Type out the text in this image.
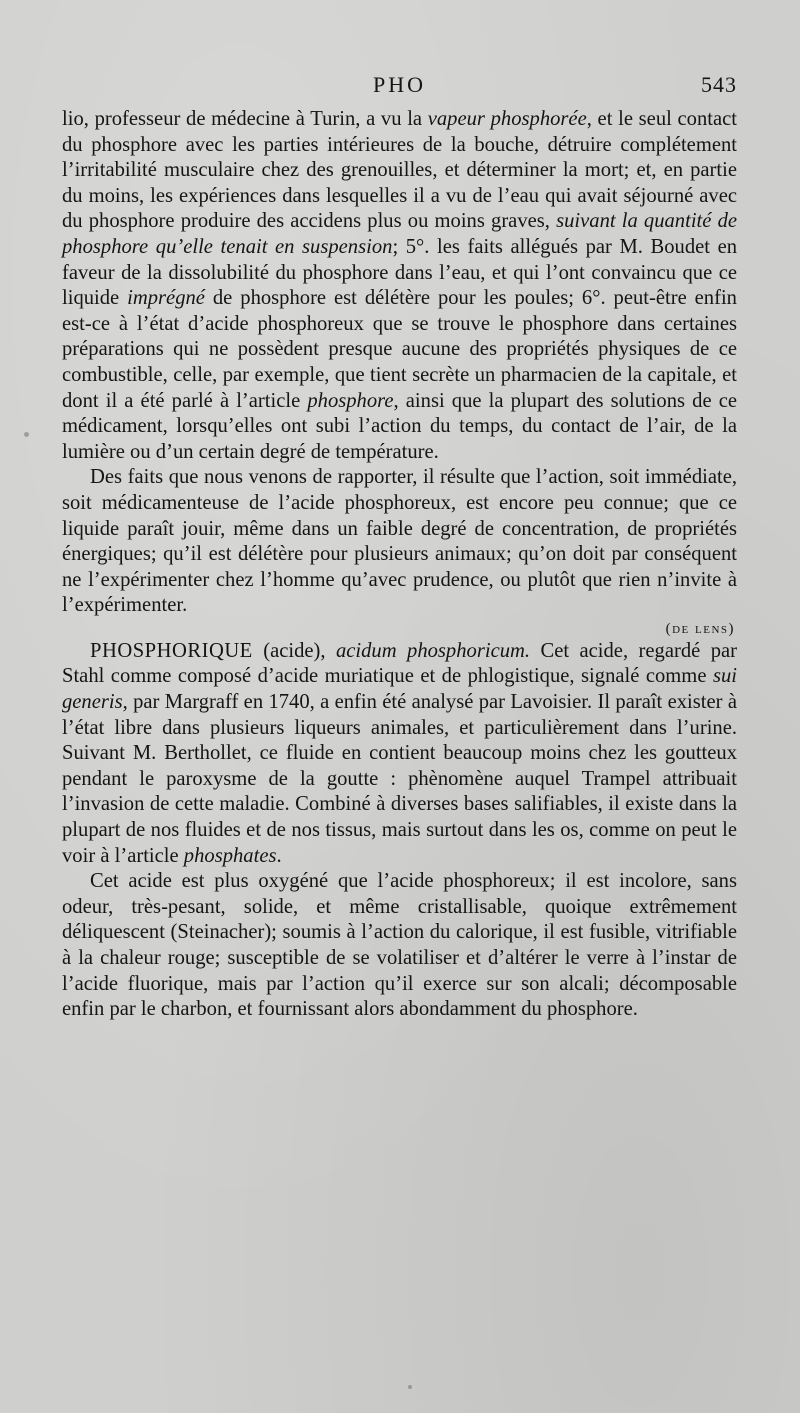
PHO	543

lio, professeur de médecine à Turin, a vu la vapeur phosphorée, et le seul contact du phosphore avec les parties intérieures de la bouche, détruire complétement l’irritabilité musculaire chez des grenouilles, et déterminer la mort; et, en partie du moins, les expériences dans lesquelles il a vu de l’eau qui avait séjourné avec du phosphore produire des accidens plus ou moins graves, suivant la quantité de phosphore qu’elle tenait en suspension; 5°. les faits allégués par M. Boudet en faveur de la dissolubilité du phosphore dans l’eau, et qui l’ont convaincu que ce liquide imprégné de phosphore est délétère pour les poules; 6°. peut-être enfin est-ce à l’état d’acide phosphoreux que se trouve le phosphore dans certaines préparations qui ne possèdent presque aucune des propriétés physiques de ce combustible, celle, par exemple, que tient secrète un pharmacien de la capitale, et dont il a été parlé à l’article phosphore, ainsi que la plupart des solutions de ce médicament, lorsqu’elles ont subi l’action du temps, du contact de l’air, de la lumière ou d’un certain degré de température.

Des faits que nous venons de rapporter, il résulte que l’action, soit immédiate, soit médicamenteuse de l’acide phosphoreux, est encore peu connue; que ce liquide paraît jouir, même dans un faible degré de concentration, de propriétés énergiques; qu’il est délétère pour plusieurs animaux; qu’on doit par conséquent ne l’expérimenter chez l’homme qu’avec prudence, ou plutôt que rien n’invite à l’expérimenter.

(de lens)

PHOSPHORIQUE (acide), acidum phosphoricum. Cet acide, regardé par Stahl comme composé d’acide muriatique et de phlogistique, signalé comme sui generis, par Margraff en 1740, a enfin été analysé par Lavoisier. Il paraît exister à l’état libre dans plusieurs liqueurs animales, et particulièrement dans l’urine. Suivant M. Berthollet, ce fluide en contient beaucoup moins chez les goutteux pendant le paroxysme de la goutte : phènomène auquel Trampel attribuait l’invasion de cette maladie. Combiné à diverses bases salifiables, il existe dans la plupart de nos fluides et de nos tissus, mais surtout dans les os, comme on peut le voir à l’article phosphates.

Cet acide est plus oxygéné que l’acide phosphoreux; il est incolore, sans odeur, très-pesant, solide, et même cristallisable, quoique extrêmement déliquescent (Steinacher); soumis à l’action du calorique, il est fusible, vitrifiable à la chaleur rouge; susceptible de se volatiliser et d’altérer le verre à l’instar de l’acide fluorique, mais par l’action qu’il exerce sur son alcali; décomposable enfin par le charbon, et fournissant alors abondamment du phosphore.
